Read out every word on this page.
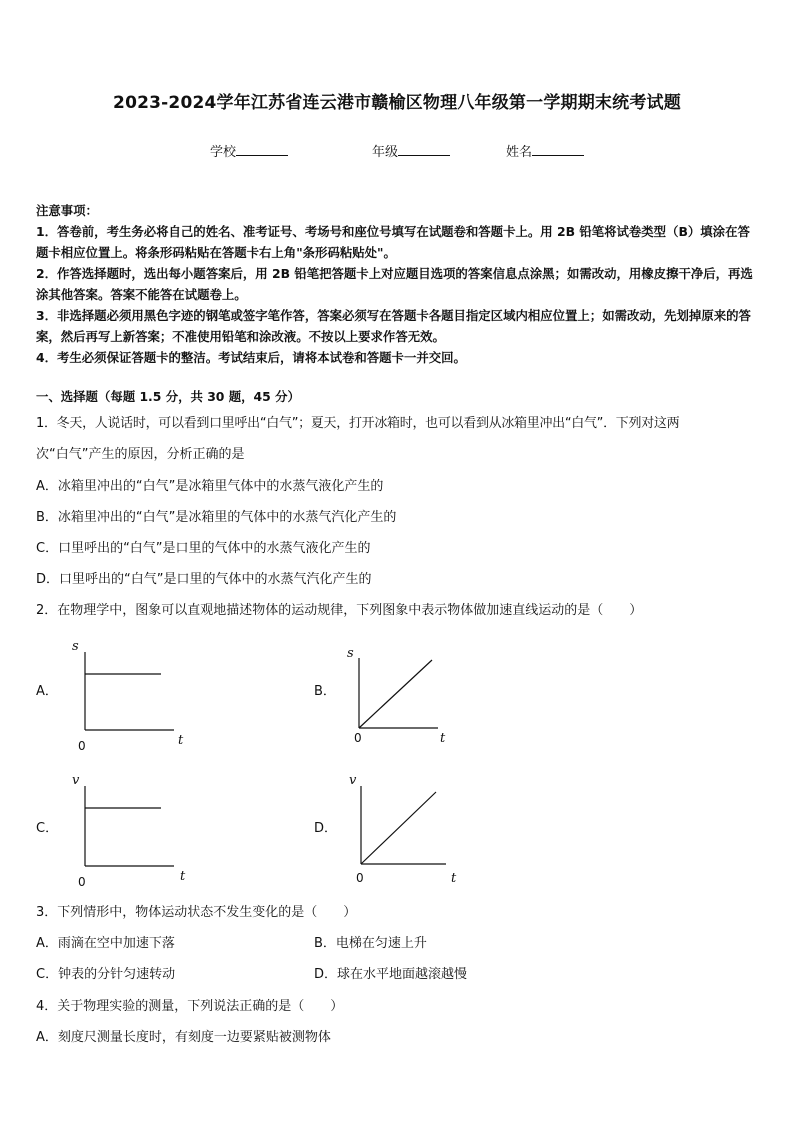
2023-2024学年江苏省连云港市赣榆区物理八年级第一学期期末统考试题
学校	年级	姓名
注意事项：
1．答卷前，考生务必将自己的姓名、准考证号、考场号和座位号填写在试题卷和答题卡上。用 2B 铅笔将试卷类型（B）填涂在答题卡相应位置上。将条形码粘贴在答题卡右上角"条形码粘贴处"。
2．作答选择题时，选出每小题答案后，用 2B 铅笔把答题卡上对应题目选项的答案信息点涂黑；如需改动，用橡皮擦干净后，再选涂其他答案。答案不能答在试题卷上。
3．非选择题必须用黑色字迹的钢笔或签字笔作答，答案必须写在答题卡各题目指定区域内相应位置上；如需改动，先划掉原来的答案，然后再写上新答案；不准使用铅笔和涂改液。不按以上要求作答无效。
4．考生必须保证答题卡的整洁。考试结束后，请将本试卷和答题卡一并交回。
一、选择题（每题 1.5 分，共 30 题，45 分）
1．冬天，人说话时，可以看到口里呼出“白气”；夏天，打开冰箱时，也可以看到从冰箱里冲出“白气”．下列对这两
次“白气”产生的原因，分析正确的是
A．冰箱里冲出的“白气”是冰箱里气体中的水蒸气液化产生的
B．冰箱里冲出的“白气”是冰箱里的气体中的水蒸气汽化产生的
C．口里呼出的“白气”是口里的气体中的水蒸气液化产生的
D．口里呼出的“白气”是口里的气体中的水蒸气汽化产生的
2．在物理学中，图象可以直观地描述物体的运动规律，下列图象中表示物体做加速直线运动的是（　　）
A．
s
t
0
B．
s
t
0
C．
v
t
0
D．
v
t
0
3．下列情形中，物体运动状态不发生变化的是（　　）
A．雨滴在空中加速下落	B．电梯在匀速上升
C．钟表的分针匀速转动	D．球在水平地面越滚越慢
4．关于物理实验的测量，下列说法正确的是（　　）
A．刻度尺测量长度时，有刻度一边要紧贴被测物体
